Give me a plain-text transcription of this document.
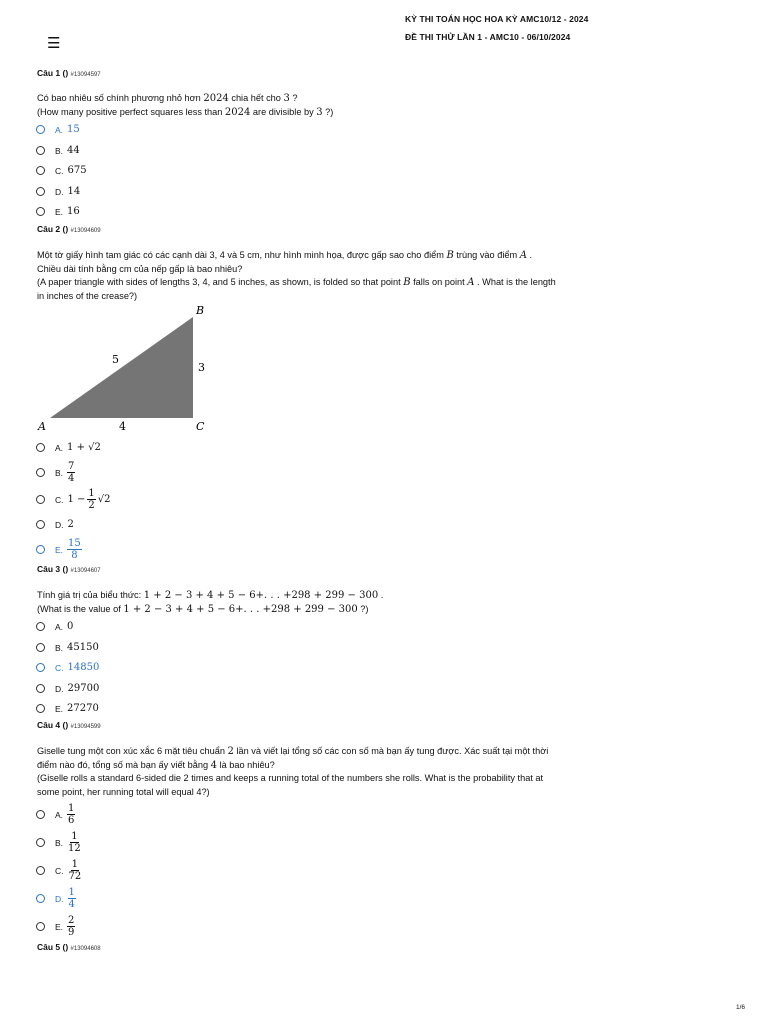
KỲ THI TOÁN HỌC HOA KỲ AMC10/12 - 2024
ĐỀ THI THỬ LẦN 1 - AMC10 - 06/10/2024
☰
Câu 1 () #13094597
Có bao nhiêu số chính phương nhỏ hơn 2024 chia hết cho 3 ?
(How many positive perfect squares less than 2024 are divisible by 3 ?)
A. 15
B. 44
C. 675
D. 14
E. 16
Câu 2 () #13094609
Một tờ giấy hình tam giác có các cạnh dài 3, 4 và 5 cm, như hình minh họa, được gấp sao cho điểm B trùng vào điểm A .
Chiều dài tính bằng cm của nếp gấp là bao nhiêu?
(A paper triangle with sides of lengths 3, 4, and 5 inches, as shown, is folded so that point B falls on point A . What is the length
in inches of the crease?)
B
C
A
5
3
4
A. 1 + √2
B. $\frac{7}{4}$
C. $1 - \frac{1}{2} √2$
D. 2
E. $\frac{15}{8}$
Câu 3 () #13094607
Tính giá trị của biểu thức: 1 + 2 − 3 + 4 + 5 − 6+. . . +298 + 299 − 300 .
(What is the value of 1 + 2 − 3 + 4 + 5 − 6+. . . +298 + 299 − 300 ?)
A. 0
B. 45150
C. 14850
D. 29700
E. 27270
Câu 4 () #13094599
Giselle tung một con xúc xắc 6 mặt tiêu chuẩn 2 lần và viết lại tổng số các con số mà bạn ấy tung được. Xác suất tại một thời
điểm nào đó, tổng số mà bạn ấy viết bằng 4 là bao nhiêu?
(Giselle rolls a standard 6-sided die 2 times and keeps a running total of the numbers she rolls. What is the probability that at
some point, her running total will equal 4?)
A. $\frac{1}{6}$
B. $\frac{1}{12}$
C. $\frac{1}{72}$
D. $\frac{1}{4}$
E. $\frac{2}{9}$
Câu 5 () #13094608
1/6
